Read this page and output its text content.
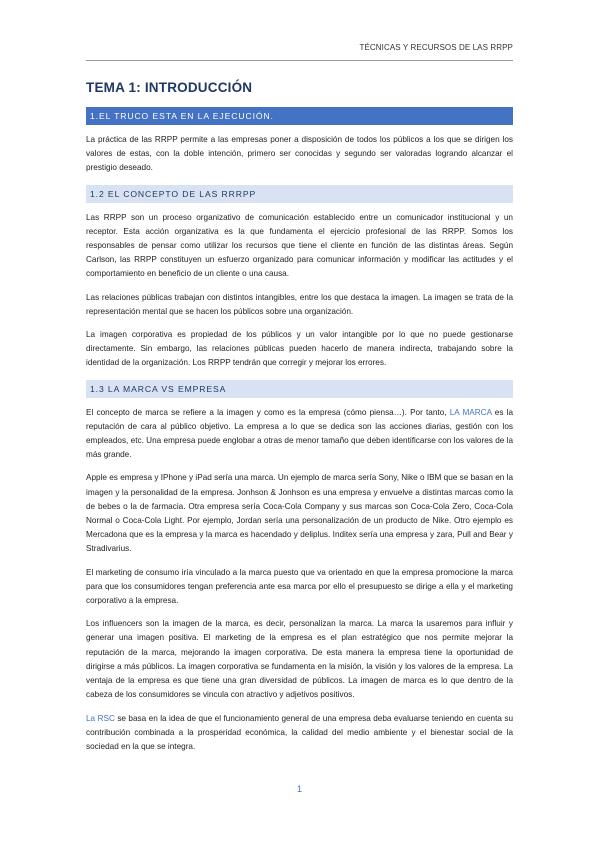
TÉCNICAS Y RECURSOS DE LAS RRPP
TEMA 1: INTRODUCCIÓN
1.EL TRUCO ESTA EN LA EJECUCIÓN.

La práctica de las RRPP permite a las empresas poner a disposición de todos los públicos a los que se dirigen los valores de estas, con la doble intención, primero ser conocidas y segundo ser valoradas logrando alcanzar el prestigio deseado.

1.2 EL CONCEPTO DE LAS RRRPP

Las RRPP son un proceso organizativo de comunicación establecido entre un comunicador institucional y un receptor. Esta acción organizativa es la que fundamenta el ejercicio profesional de las RRPP. Somos los responsables de pensar como utilizar los recursos que tiene el cliente en función de las distintas áreas. Según Carlson, las RRPP constituyen un esfuerzo organizado para comunicar información y modificar las actitudes y el comportamiento en beneficio de un cliente o una causa.

Las relaciones públicas trabajan con distintos intangibles, entre los que destaca la imagen. La imagen se trata de la representación mental que se hacen los públicos sobre una organización.

La imagen corporativa es propiedad de los públicos y un valor intangible por lo que no puede gestionarse directamente. Sin embargo, las relaciones públicas pueden hacerlo de manera indirecta, trabajando sobre la identidad de la organización. Los RRPP tendrán que corregir y mejorar los errores.

1.3 LA MARCA VS EMPRESA

El concepto de marca se refiere a la imagen y como es la empresa (cómo piensa…). Por tanto, LA MARCA es la reputación de cara al público objetivo. La empresa a lo que se dedica son las acciones diarias, gestión con los empleados, etc. Una empresa puede englobar a otras de menor tamaño que deben identificarse con los valores de la más grande.

Apple es empresa y IPhone y iPad sería una marca. Un ejemplo de marca sería Sony, Nike o IBM que se basan en la imagen y la personalidad de la empresa. Jonhson & Jonhson es una empresa y envuelve a distintas marcas como la de bebes o la de farmacia. Otra empresa sería Coca-Cola Company y sus marcas son Coca-Cola Zero, Coca-Cola Normal o Coca-Cola Light. Por ejemplo, Jordan sería una personalización de un producto de Nike. Otro ejemplo es Mercadona que es la empresa y la marca es hacendado y deliplus. Inditex sería una empresa y zara, Pull and Bear y Stradivarius.

El marketing de consumo iría vinculado a la marca puesto que va orientado en que la empresa promocione la marca para que los consumidores tengan preferencia ante esa marca por ello el presupuesto se dirige a ella y el marketing corporativo a la empresa.

Los influencers son la imagen de la marca, es decir, personalizan la marca. La marca la usaremos para influir y generar una imagen positiva. El marketing de la empresa es el plan estratégico que nos permite mejorar la reputación de la marca, mejorando la imagen corporativa. De esta manera la empresa tiene la oportunidad de dirigirse a más públicos. La imagen corporativa se fundamenta en la misión, la visión y los valores de la empresa. La ventaja de la empresa es que tiene una gran diversidad de públicos. La imagen de marca es lo que dentro de la cabeza de los consumidores se vincula con atractivo y adjetivos positivos.

La RSC se basa en la idea de que el funcionamiento general de una empresa deba evaluarse teniendo en cuenta su contribución combinada a la prosperidad económica, la calidad del medio ambiente y el bienestar social de la sociedad en la que se integra.

1
